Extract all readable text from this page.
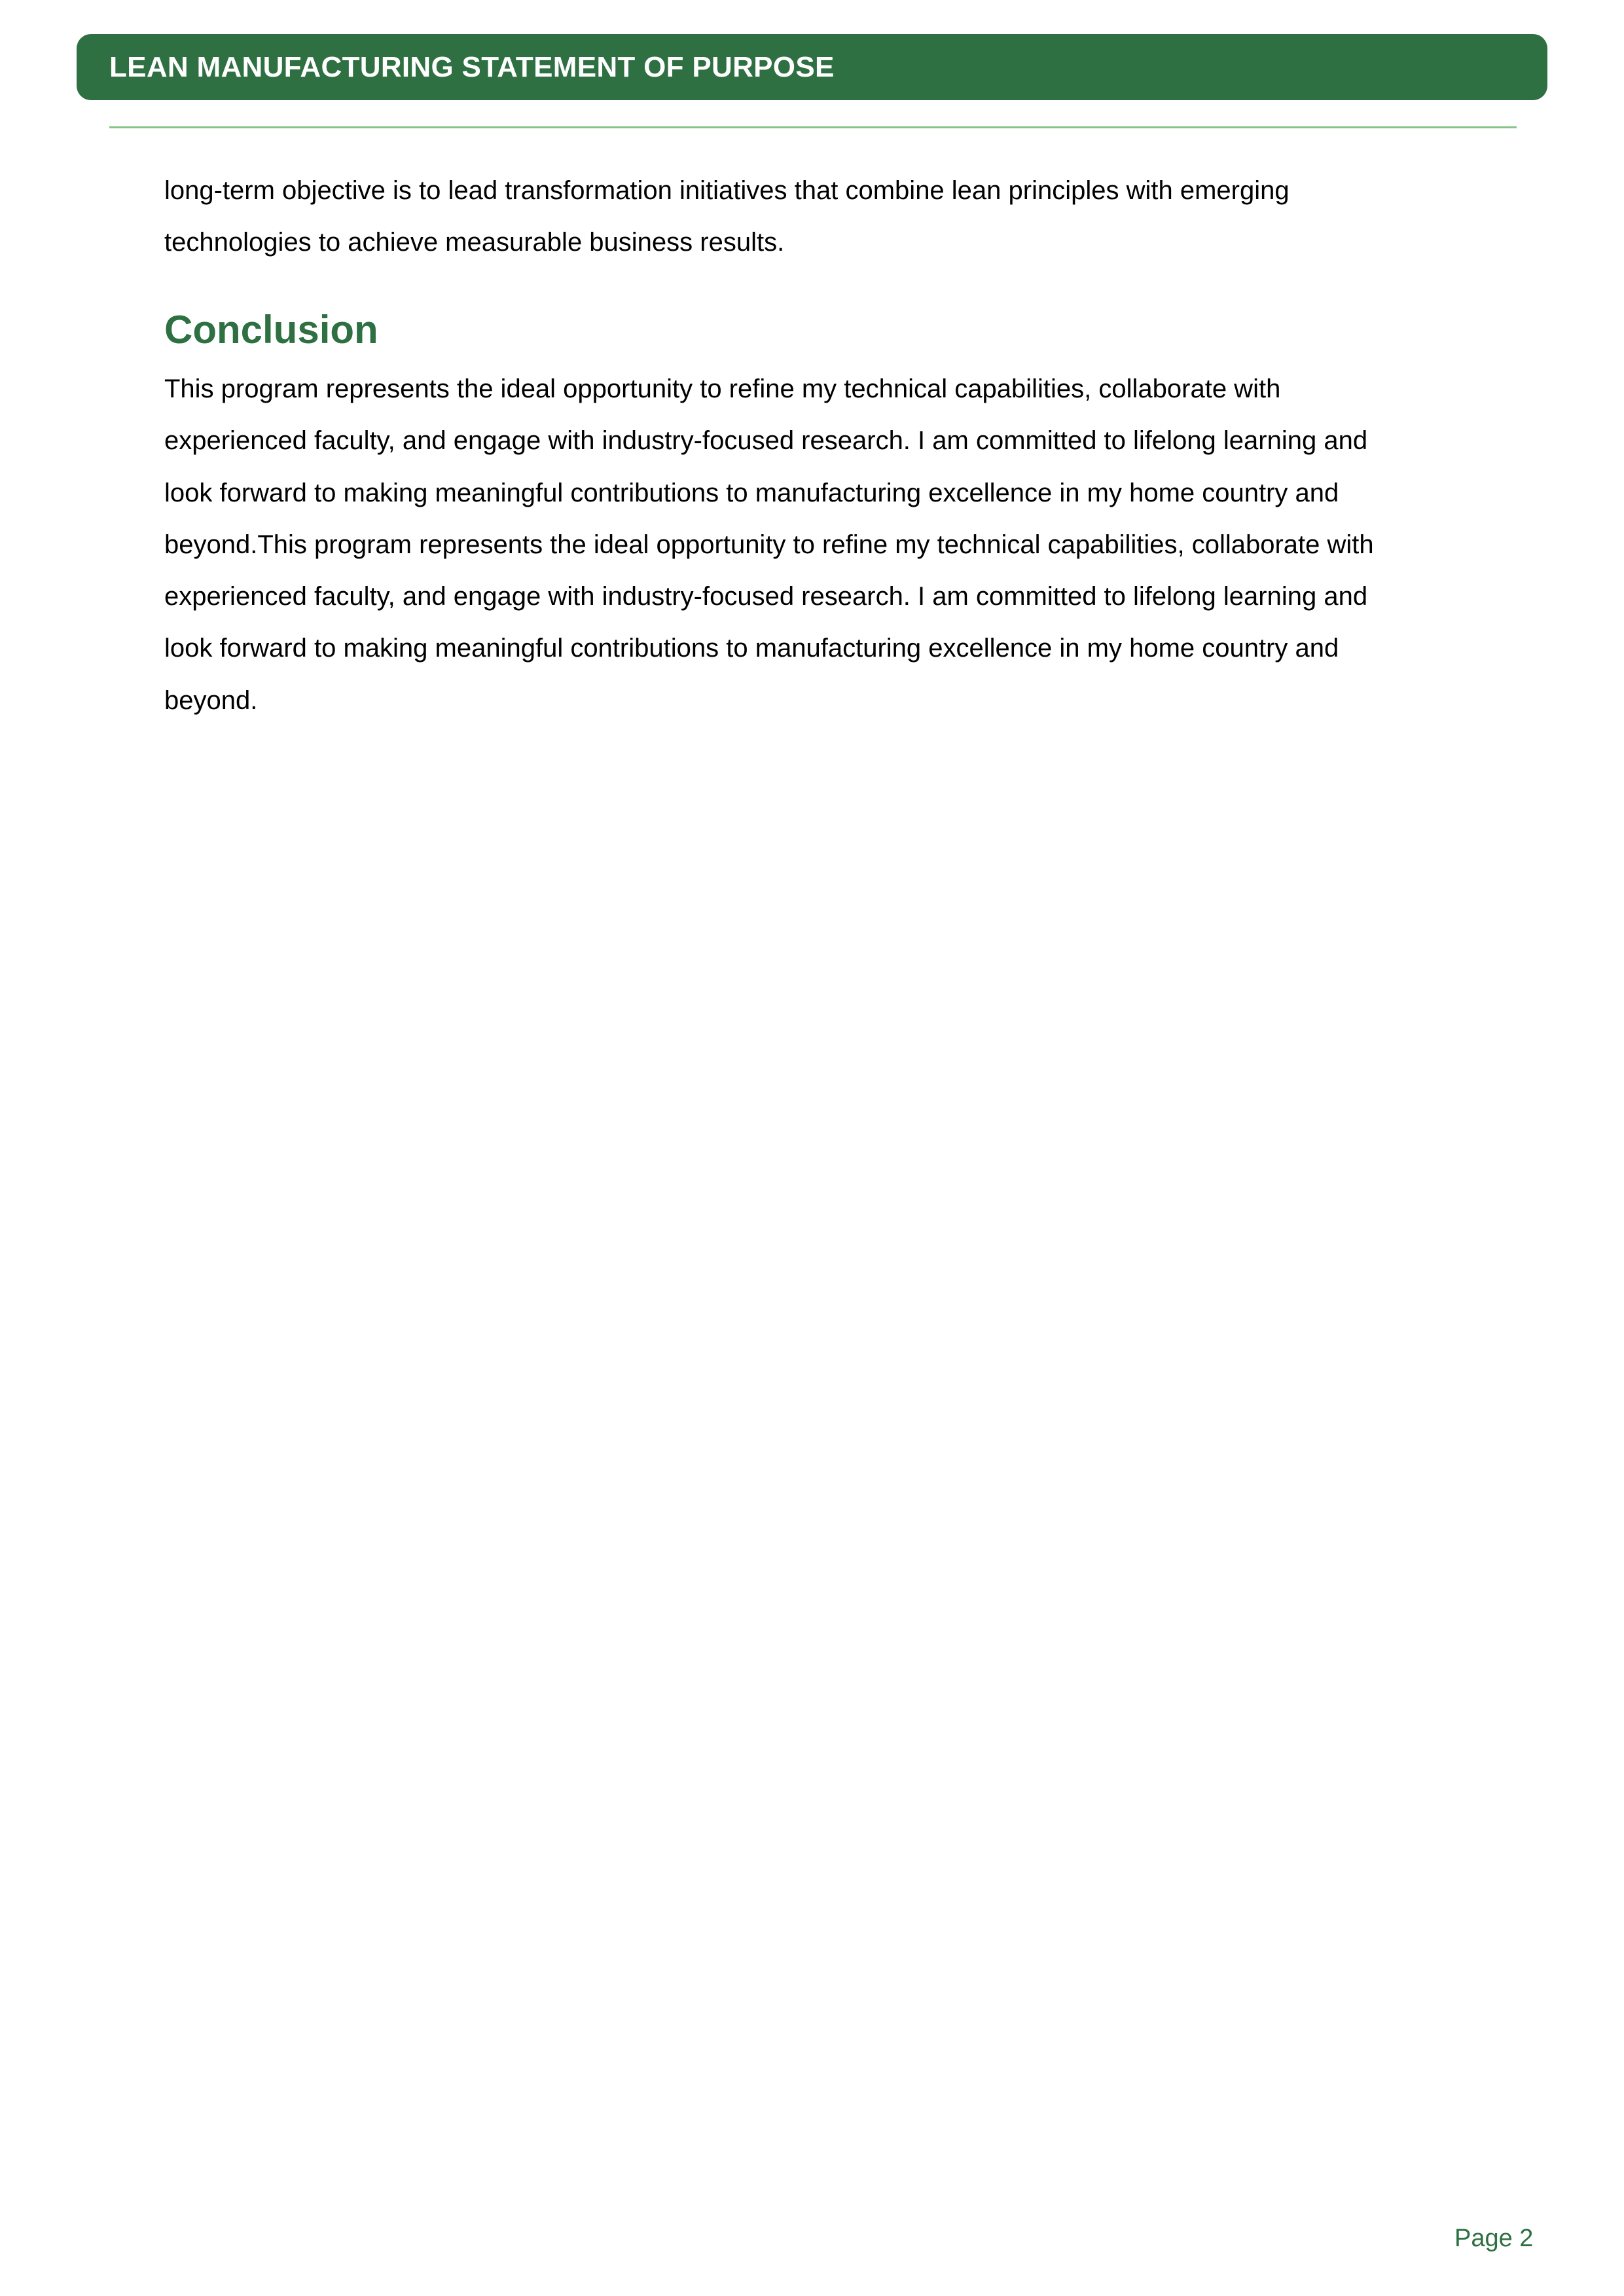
LEAN MANUFACTURING STATEMENT OF PURPOSE

long-term objective is to lead transformation initiatives that combine lean principles with emerging
technologies to achieve measurable business results.

Conclusion

This program represents the ideal opportunity to refine my technical capabilities, collaborate with
experienced faculty, and engage with industry-focused research. I am committed to lifelong learning and
look forward to making meaningful contributions to manufacturing excellence in my home country and
beyond.This program represents the ideal opportunity to refine my technical capabilities, collaborate with
experienced faculty, and engage with industry-focused research. I am committed to lifelong learning and
look forward to making meaningful contributions to manufacturing excellence in my home country and
beyond.

Page 2
